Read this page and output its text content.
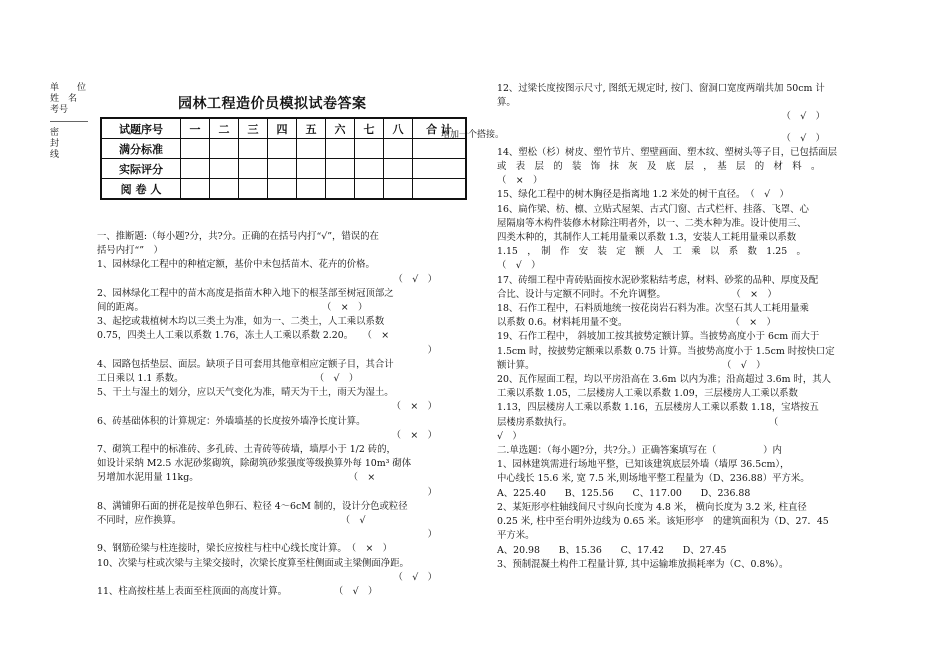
单　　位
姓　名
考号
密
封
线
园林工程造价员模拟试卷答案
试题序号	一	二	三	四	五	六	七	八	合 计
满分标准									
实际评分									
阅 卷 人									
增加一个搭接。

一、推断题:（每小题?分，共?分。正确的在括号内打“√”，错误的在

括号内打“”　）

1、园林绿化工程中的种植定额，基价中未包括苗木、花卉的价格。

（　√　）

2、园林绿化工程中的苗木高度是指苗木种入地下的根茎部至树冠顶部之

间的距离。　　　　　　　　　　　　　　　　　　　　（　×　）

3、起挖或栽植树木均以三类土为准，如为一、二类土，人工乘以系数

0.75，四类土人工乘以系数 1.76，冻土人工乘以系数 2.20。　　（　×

）

4、园路包括垫层、面层。缺项子目可套用其他章相应定额子目，其合计

工日乘以 1.1 系数。　　　　　　　　　　　　　　　（　√　）

5、干土与湿土的划分，应以天气变化为准，晴天为干土，雨天为湿土。

（　×　）

6、砖基础体积的计算规定：外墙墙基的长度按外墙净长度计算。

（　×　）

7、砌筑工程中的标准砖、多孔砖、土青砖等砖墙，墙厚小于 1/2 砖的，

如设计采纳 M2.5 水泥砂浆砌筑，除砌筑砂浆强度等级换算外每 10m³ 砌体

另增加水泥用量 11kg。　　　　　　　　　　　　　　　　　（　×

）

8、满铺卵石面的拼花是按单色卵石、粒径 4～6cM 制的，设计分色或粒径

不同时，应作换算。　　　　　　　　　　　　　　　　　　（　√

）

9、钢筋砼梁与柱连接时，梁长应按柱与柱中心线长度计算。　（　×　）

10、次梁与柱或次梁与主梁交接时，次梁长度算至柱侧面或主梁侧面净距。

（　√　）

11、柱高按柱基上表面至柱顶面的高度计算。　　　　　　（　√　）

12、过梁长度按图示尺寸, 图纸无规定时, 按门、窗洞口宽度两端共加 50cm 计

算。

（　√　）

（　√　）

14、塑松（杉）树皮、塑竹节片、塑壁画面、塑木纹、塑树头等子目，已包括面层

或　表　层　的　装　饰　抹　灰　及　底　层　，　基　层　的　材　料　。

（　×　）

15、绿化工程中的树木胸径是指离地 1.2 米处的树干直径。　（　√　）

16、扁作梁、枋、檩、立贴式屋架、古式门窗、古式栏杆、挂落、飞罩、心

屋隔扇等木构件装修木材除注明者外，以一、二类木种为准。设计使用三、

四类木种的，其制作人工耗用量乘以系数 1.3，安装人工耗用量乘以系数

1.15　，　制　作　安　装　定　额　人　工　乘　以　系　数　1.25　。

（　√　）

17、砖细工程中青砖贴面按水泥砂浆粘结考虑，材料、砂浆的品种、厚度及配

合比、设计与定额不同时。不允许调整。　　　　　　　　（　×　）

18、石作工程中，石料质地统一按花岗岩石料为准。次坚石其人工耗用量乘

以系数 0.6。材料耗用量不变。　　　　　　　　　　　　（　×　）

19、石作工程中， 斜坡加工按其披势定额计算。当披势高度小于 6cm 而大于

1.5cm 时，按披势定额乘以系数 0.75 计算。当披势高度小于 1.5cm 时按快口定

额计算。　　　　　　　　　　　　　　　　　　　　　（　√　）

20、瓦作屋面工程，均以平房沿高在 3.6m 以内为准；沿高超过 3.6m 时，其人

工乘以系数 1.05，二层楼房人工乘以系数 1.09，三层楼房人工乘以系数

1.13，四层楼房人工乘以系数 1.16，五层楼房人工乘以系数 1.18，宝塔按五

层楼房系数执行。　　　　　　　　　　　　　　　　　　　　　　（

√　）

二.单选题：（每小题?分，共?分。）正确答案填写在（　　　　　）内

1、园林建筑需进行场地平整，已知该建筑底层外墙（墙厚 36.5cm），

中心线长 15.6 米, 宽 7.5 米,则场地平整工程量为（D、236.88）平方米。

A、225.40　　B、125.56　　C、117.00　　D、236.88

2、某矩形亭柱轴线间尺寸纵向长度为 4.8 米， 横向长度为 3.2 米, 柱直径

0.25 米, 柱中至台明外边线为 0.65 米。该矩形亭　的建筑面积为（D、27．45

平方米。

A、20.98　　B、15.36　　C、17.42　　D、27.45

3、预制混凝土构件工程量计算, 其中运输堆放损耗率为（C、0.8%）。
